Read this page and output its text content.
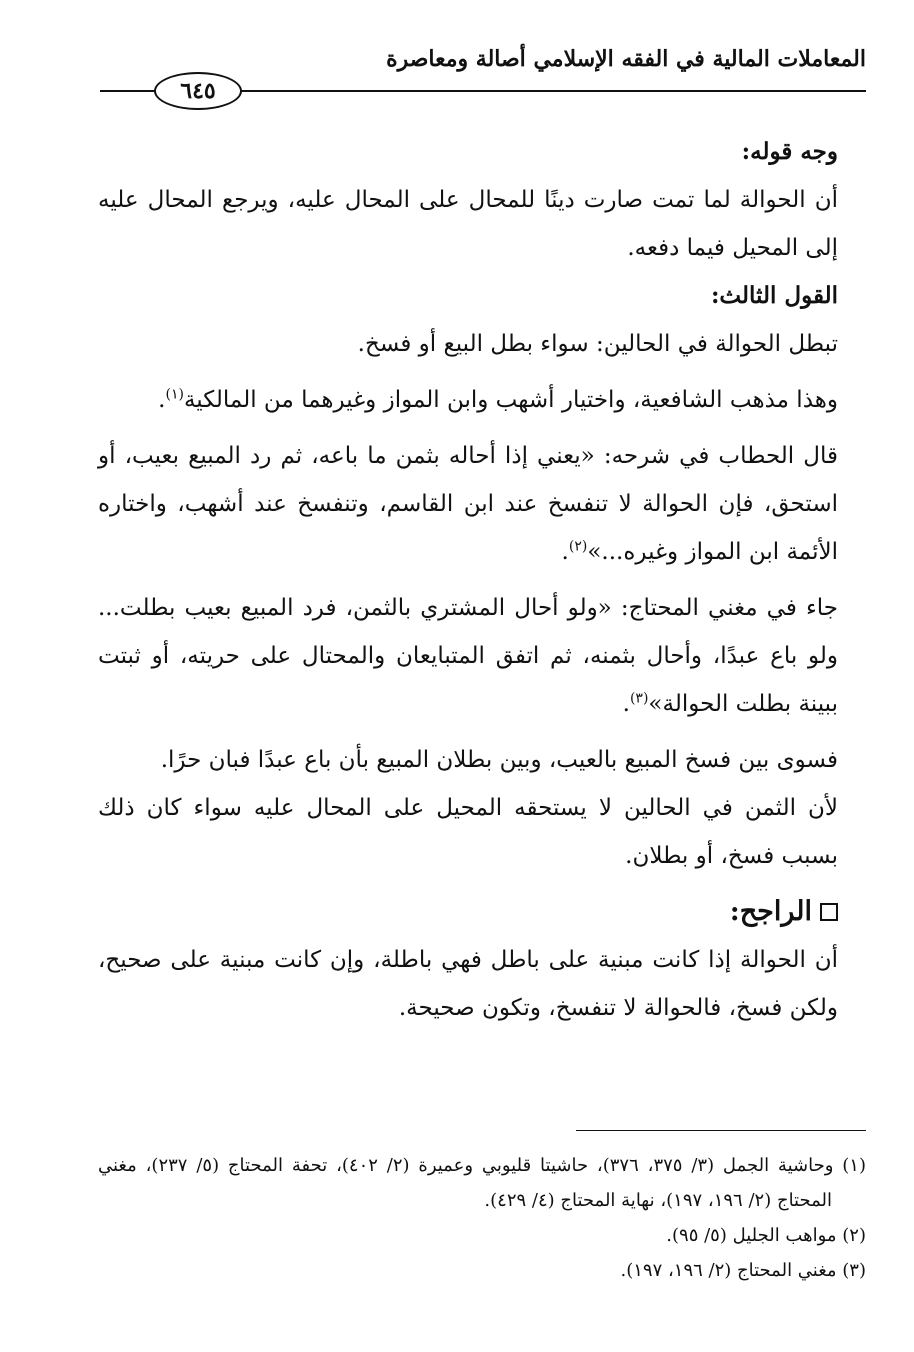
المعاملات المالية في الفقه الإسلامي أصالة ومعاصرة
٦٤٥

وجه قوله:

أن الحوالة لما تمت صارت دينًا للمحال على المحال عليه، ويرجع المحال عليه إلى المحيل فيما دفعه.

القول الثالث:

تبطل الحوالة في الحالين: سواء بطل البيع أو فسخ.

وهذا مذهب الشافعية، واختيار أشهب وابن المواز وغيرهما من المالكية$^{(١)}$.

قال الحطاب في شرحه: «يعني إذا أحاله بثمن ما باعه، ثم رد المبيع بعيب، أو استحق، فإن الحوالة لا تنفسخ عند ابن القاسم، وتنفسخ عند أشهب، واختاره الأئمة ابن المواز وغيره...»$^{(٢)}$.

جاء في مغني المحتاج: «ولو أحال المشتري بالثمن، فرد المبيع بعيب بطلت... ولو باع عبدًا، وأحال بثمنه، ثم اتفق المتبايعان والمحتال على حريته، أو ثبتت ببينة بطلت الحوالة»$^{(٣)}$.

فسوى بين فسخ المبيع بالعيب، وبين بطلان المبيع بأن باع عبدًا فبان حرًا.

لأن الثمن في الحالين لا يستحقه المحيل على المحال عليه سواء كان ذلك بسبب فسخ، أو بطلان.

الراجح:

أن الحوالة إذا كانت مبنية على باطل فهي باطلة، وإن كانت مبنية على صحيح، ولكن فسخ، فالحوالة لا تنفسخ، وتكون صحيحة.

(١) وحاشية الجمل (٣/ ٣٧٥، ٣٧٦)، حاشيتا قليوبي وعميرة (٢/ ٤٠٢)، تحفة المحتاج (٥/ ٢٣٧)، مغني المحتاج (٢/ ١٩٦، ١٩٧)، نهاية المحتاج (٤/ ٤٢٩).

(٢) مواهب الجليل (٥/ ٩٥).

(٣) مغني المحتاج (٢/ ١٩٦، ١٩٧).
